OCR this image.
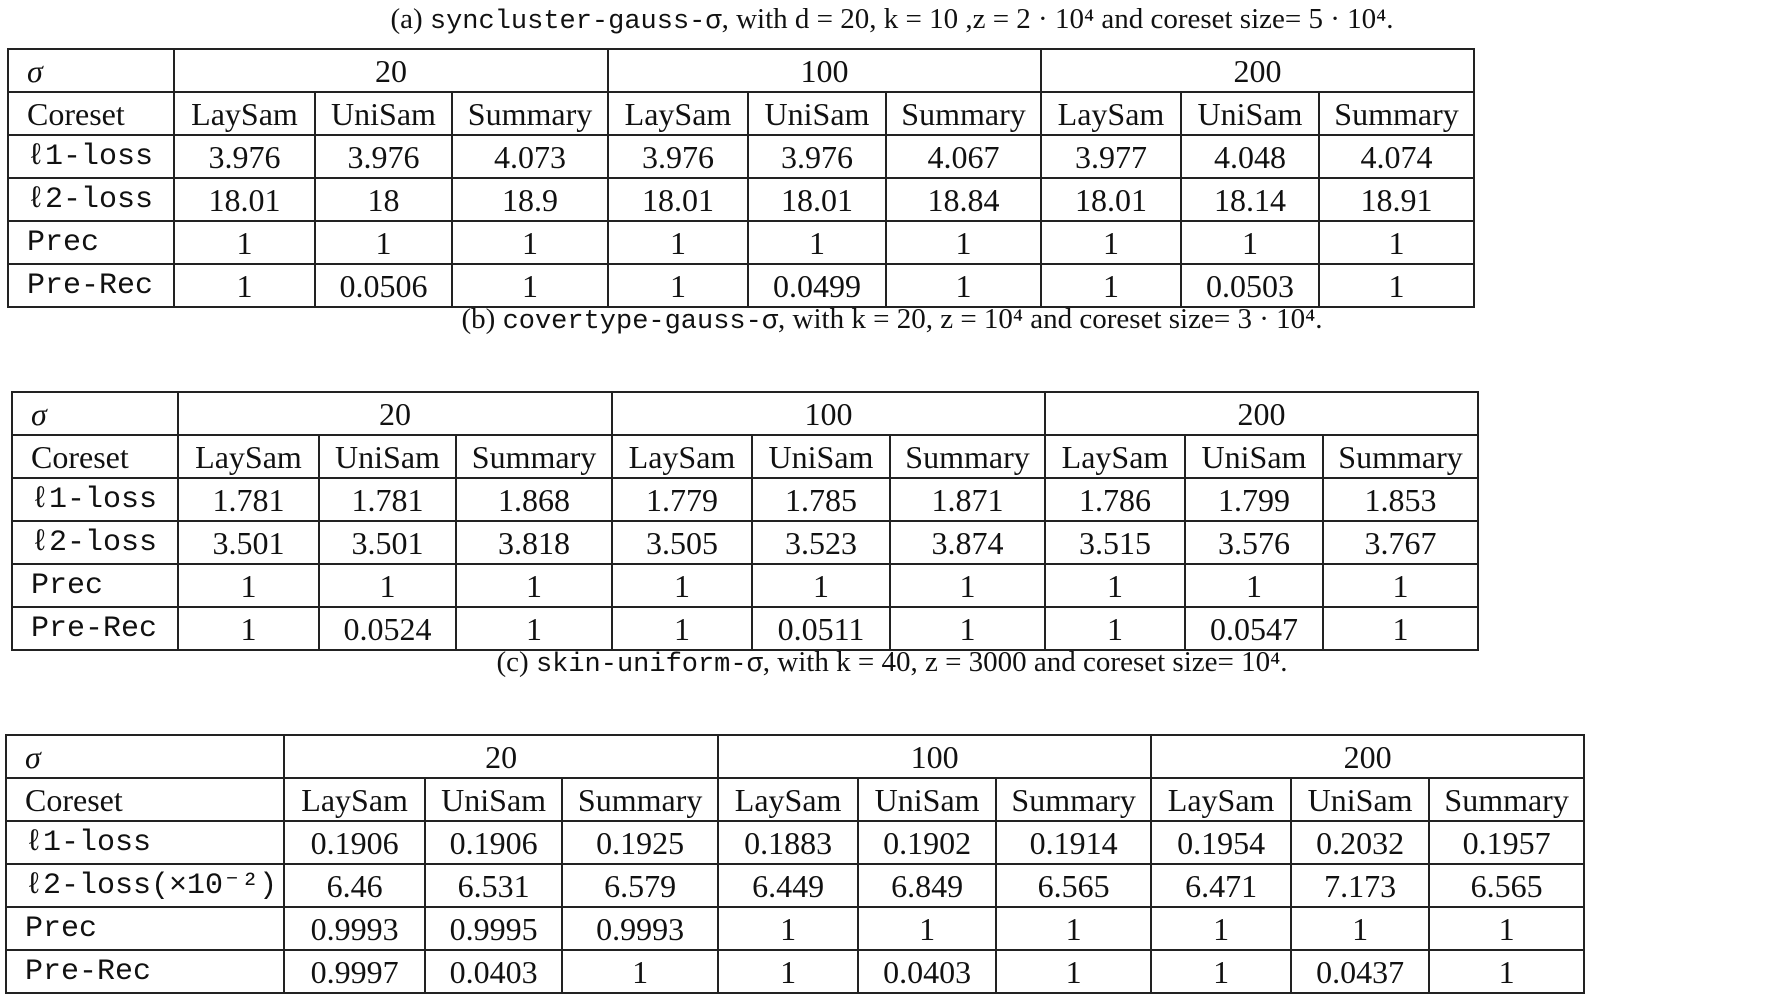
(a) syncluster-gauss-σ, with d = 20, k = 10 ,z = 2 · 10⁴ and coreset size= 5 · 10⁴.
σ	20			100			200		
Coreset	LaySam	UniSam	Summary	LaySam	UniSam	Summary	LaySam	UniSam	Summary
ℓ1-loss	3.976	3.976	4.073	3.976	3.976	4.067	3.977	4.048	4.074
ℓ2-loss	18.01	18	18.9	18.01	18.01	18.84	18.01	18.14	18.91
Prec	1	1	1	1	1	1	1	1	1
Pre-Rec	1	0.0506	1	1	0.0499	1	1	0.0503	1
(b) covertype-gauss-σ, with k = 20, z = 10⁴ and coreset size= 3 · 10⁴.
σ	20			100			200		
Coreset	LaySam	UniSam	Summary	LaySam	UniSam	Summary	LaySam	UniSam	Summary
ℓ1-loss	1.781	1.781	1.868	1.779	1.785	1.871	1.786	1.799	1.853
ℓ2-loss	3.501	3.501	3.818	3.505	3.523	3.874	3.515	3.576	3.767
Prec	1	1	1	1	1	1	1	1	1
Pre-Rec	1	0.0524	1	1	0.0511	1	1	0.0547	1
(c) skin-uniform-σ, with k = 40, z = 3000 and coreset size= 10⁴.
σ	20			100			200		
Coreset	LaySam	UniSam	Summary	LaySam	UniSam	Summary	LaySam	UniSam	Summary
ℓ1-loss	0.1906	0.1906	0.1925	0.1883	0.1902	0.1914	0.1954	0.2032	0.1957
ℓ2-loss(×10⁻²)	6.46	6.531	6.579	6.449	6.849	6.565	6.471	7.173	6.565
Prec	0.9993	0.9995	0.9993	1	1	1	1	1	1
Pre-Rec	0.9997	0.0403	1	1	0.0403	1	1	0.0437	1
